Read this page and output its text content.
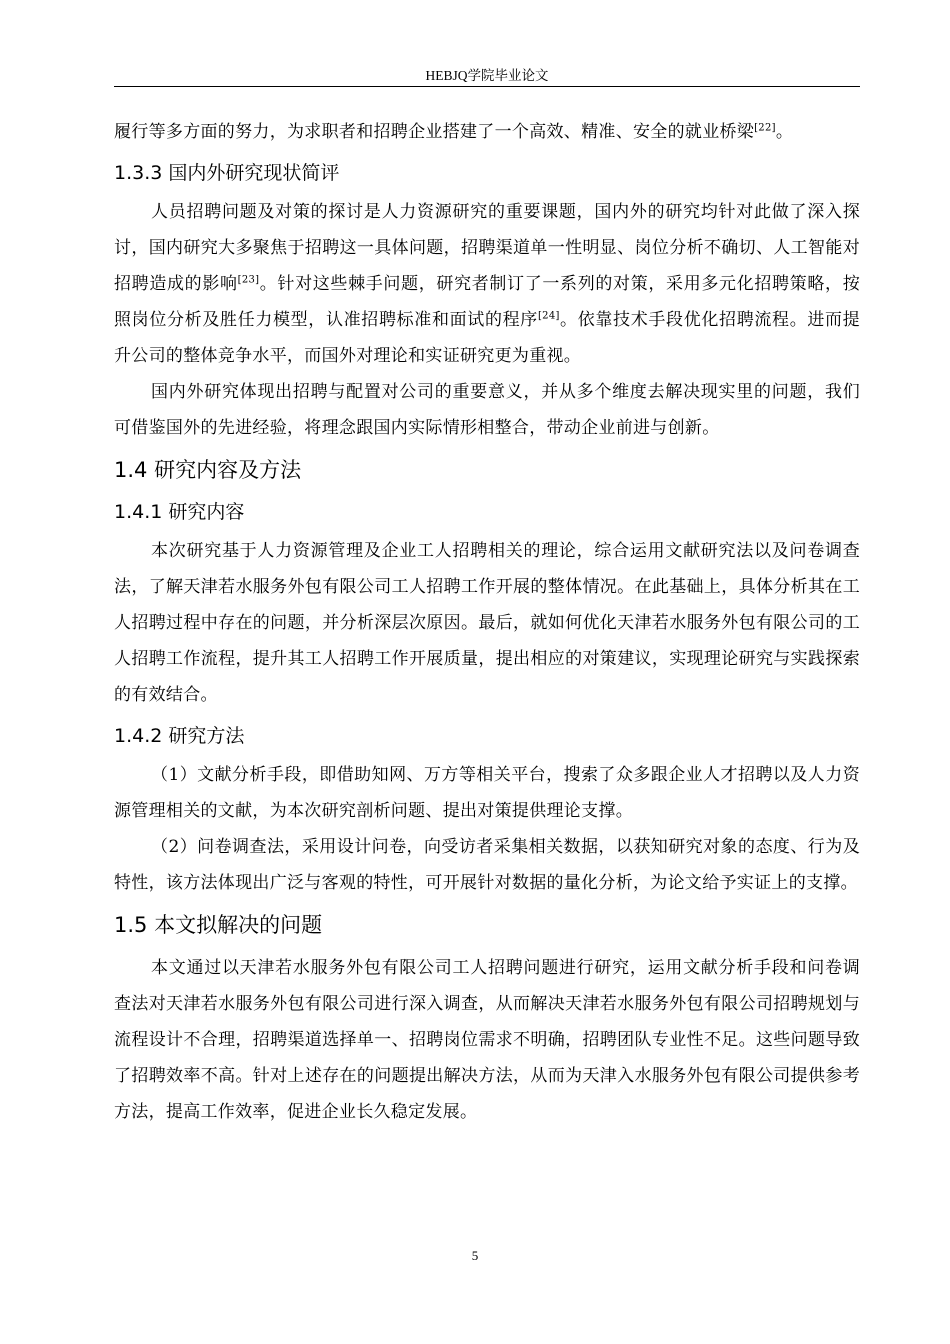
HEBJQ学院毕业论文

履行等多方面的努力，为求职者和招聘企业搭建了一个高效、精准、安全的就业桥梁[22]。

1.3.3 国内外研究现状简评

人员招聘问题及对策的探讨是人力资源研究的重要课题，国内外的研究均针对此做了深入探讨，国内研究大多聚焦于招聘这一具体问题，招聘渠道单一性明显、岗位分析不确切、人工智能对招聘造成的影响[23]。针对这些棘手问题，研究者制订了一系列的对策，采用多元化招聘策略，按照岗位分析及胜任力模型，认准招聘标准和面试的程序[24]。依靠技术手段优化招聘流程。进而提升公司的整体竞争水平，而国外对理论和实证研究更为重视。

国内外研究体现出招聘与配置对公司的重要意义，并从多个维度去解决现实里的问题，我们可借鉴国外的先进经验，将理念跟国内实际情形相整合，带动企业前进与创新。

1.4 研究内容及方法
1.4.1 研究内容

本次研究基于人力资源管理及企业工人招聘相关的理论，综合运用文献研究法以及问卷调查法，了解天津若水服务外包有限公司工人招聘工作开展的整体情况。在此基础上，具体分析其在工人招聘过程中存在的问题，并分析深层次原因。最后，就如何优化天津若水服务外包有限公司的工人招聘工作流程，提升其工人招聘工作开展质量，提出相应的对策建议，实现理论研究与实践探索的有效结合。

1.4.2 研究方法

（1）文献分析手段，即借助知网、万方等相关平台，搜索了众多跟企业人才招聘以及人力资源管理相关的文献，为本次研究剖析问题、提出对策提供理论支撑。

（2）问卷调查法，采用设计问卷，向受访者采集相关数据，以获知研究对象的态度、行为及特性，该方法体现出广泛与客观的特性，可开展针对数据的量化分析，为论文给予实证上的支撑。

1.5 本文拟解决的问题

本文通过以天津若水服务外包有限公司工人招聘问题进行研究，运用文献分析手段和问卷调查法对天津若水服务外包有限公司进行深入调查，从而解决天津若水服务外包有限公司招聘规划与流程设计不合理，招聘渠道选择单一、招聘岗位需求不明确，招聘团队专业性不足。这些问题导致了招聘效率不高。针对上述存在的问题提出解决方法，从而为天津入水服务外包有限公司提供参考方法，提高工作效率，促进企业长久稳定发展。

5
